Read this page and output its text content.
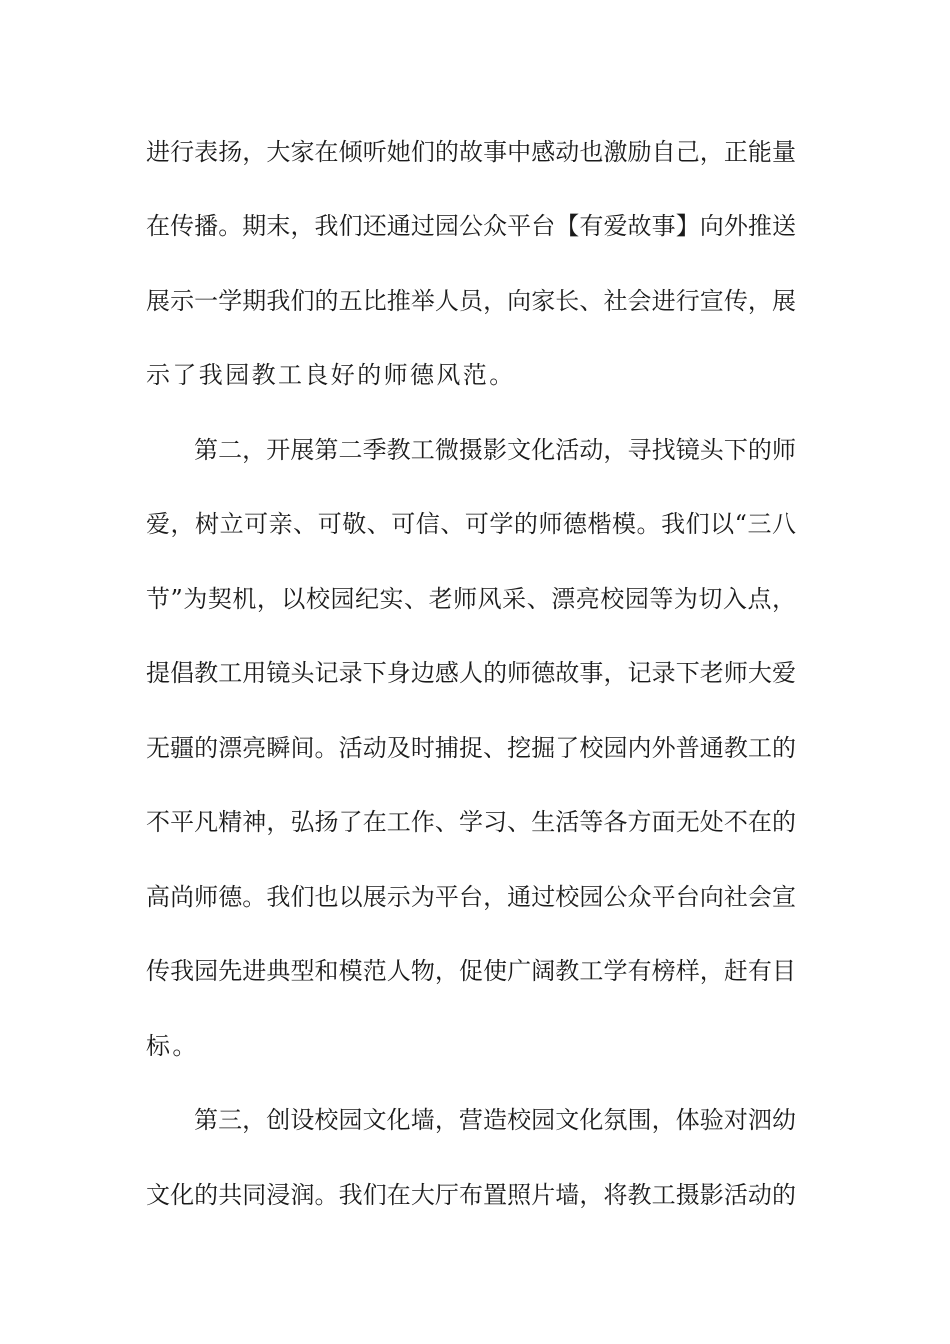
进行表扬，大家在倾听她们的故事中感动也激励自己，正能量
在传播。期末，我们还通过园公众平台【有爱故事】向外推送
展示一学期我们的五比推举人员，向家长、社会进行宣传，展
示了我园教工良好的师德风范。
第二，开展第二季教工微摄影文化活动，寻找镜头下的师
爱，树立可亲、可敬、可信、可学的师德楷模。我们以“三八
节”为契机，以校园纪实、老师风采、漂亮校园等为切入点，
提倡教工用镜头记录下身边感人的师德故事，记录下老师大爱
无疆的漂亮瞬间。活动及时捕捉、挖掘了校园内外普通教工的
不平凡精神，弘扬了在工作、学习、生活等各方面无处不在的
高尚师德。我们也以展示为平台，通过校园公众平台向社会宣
传我园先进典型和模范人物，促使广阔教工学有榜样，赶有目
标。
第三，创设校园文化墙，营造校园文化氛围，体验对泗幼
文化的共同浸润。我们在大厅布置照片墙，将教工摄影活动的
